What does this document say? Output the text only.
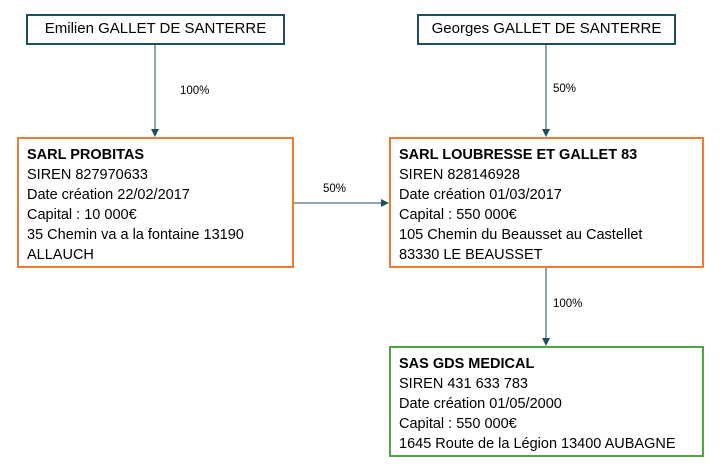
Emilien GALLET DE SANTERRE	Georges GALLET DE SANTERRE
100%	50%
50%
100%
SARL PROBITAS
SIREN 827970633
Date création 22/02/2017
Capital : 10 000€
35 Chemin va a la fontaine 13190
ALLAUCH
SARL LOUBRESSE ET GALLET 83
SIREN 828146928
Date création 01/03/2017
Capital : 550 000€
105 Chemin du Beausset au Castellet
83330 LE BEAUSSET
SAS GDS MEDICAL
SIREN 431 633 783
Date création 01/05/2000
Capital : 550 000€
1645 Route de la Légion 13400 AUBAGNE
